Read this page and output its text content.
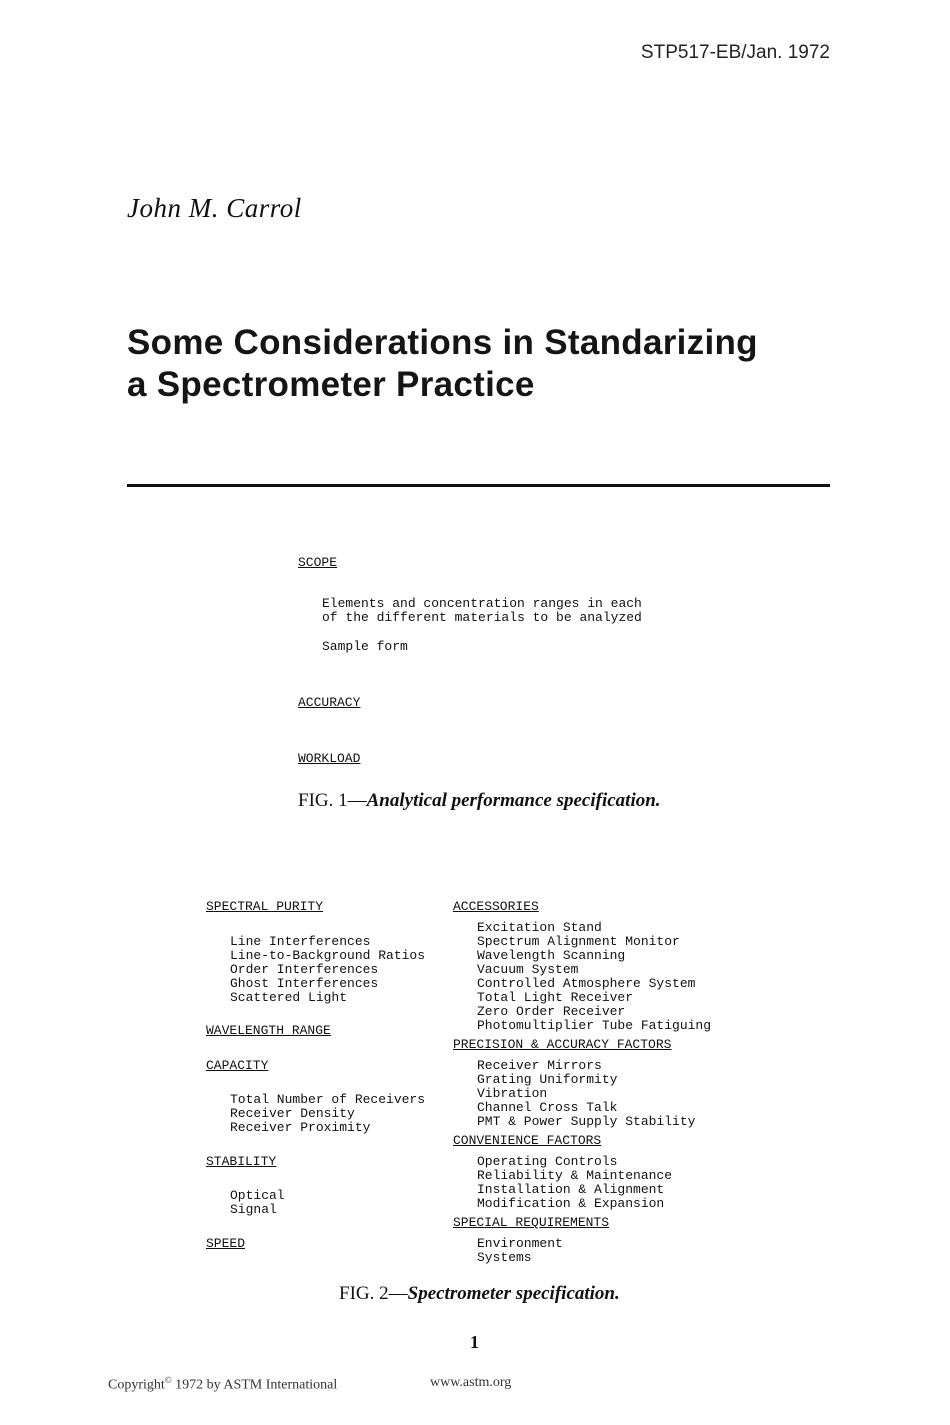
STP517-EB/Jan. 1972
John M. Carrol
Some Considerations in Standarizing
a Spectrometer Practice
SCOPE
Elements and concentration ranges in each
of the different materials to be analyzed
Sample form
ACCURACY
WORKLOAD
FIG. 1—Analytical performance specification.
SPECTRAL PURITY
Line Interferences
Line-to-Background Ratios
Order Interferences
Ghost Interferences
Scattered Light
WAVELENGTH RANGE
CAPACITY
Total Number of Receivers
Receiver Density
Receiver Proximity
STABILITY
Optical
Signal
SPEED
ACCESSORIES
Excitation Stand
Spectrum Alignment Monitor
Wavelength Scanning
Vacuum System
Controlled Atmosphere System
Total Light Receiver
Zero Order Receiver
Photomultiplier Tube Fatiguing
PRECISION & ACCURACY FACTORS
Receiver Mirrors
Grating Uniformity
Vibration
Channel Cross Talk
PMT & Power Supply Stability
CONVENIENCE FACTORS
Operating Controls
Reliability & Maintenance
Installation & Alignment
Modification & Expansion
SPECIAL REQUIREMENTS
Environment
Systems
FIG. 2—Spectrometer specification.
1
Copyright© 1972 by ASTM International	www.astm.org
